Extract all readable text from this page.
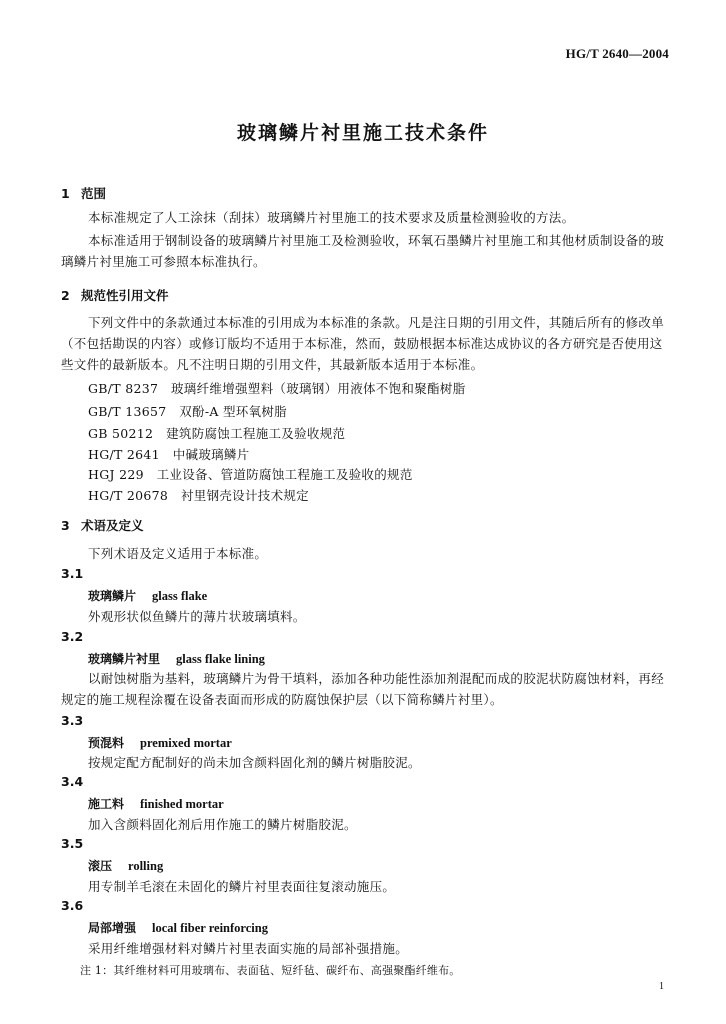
HG/T 2640—2004
玻璃鳞片衬里施工技术条件
1 范围
本标准规定了人工涂抹（刮抹）玻璃鳞片衬里施工的技术要求及质量检测验收的方法。
本标准适用于钢制设备的玻璃鳞片衬里施工及检测验收，环氧石墨鳞片衬里施工和其他材质制设备的玻璃鳞片衬里施工可参照本标准执行。
2 规范性引用文件
下列文件中的条款通过本标准的引用成为本标准的条款。凡是注日期的引用文件，其随后所有的修改单（不包括勘误的内容）或修订版均不适用于本标准，然而，鼓励根据本标准达成协议的各方研究是否使用这些文件的最新版本。凡不注明日期的引用文件，其最新版本适用于本标准。
GB/T 8237　玻璃纤维增强塑料（玻璃钢）用液体不饱和聚酯树脂
GB/T 13657　双酚-A 型环氧树脂
GB 50212　建筑防腐蚀工程施工及验收规范
HG/T 2641　中碱玻璃鳞片
HGJ 229　工业设备、管道防腐蚀工程施工及验收的规范
HG/T 20678　衬里钢壳设计技术规定
3 术语及定义
下列术语及定义适用于本标准。
3.1
玻璃鳞片 glass flake
外观形状似鱼鳞片的薄片状玻璃填料。
3.2
玻璃鳞片衬里 glass flake lining
以耐蚀树脂为基料，玻璃鳞片为骨干填料，添加各种功能性添加剂混配而成的胶泥状防腐蚀材料，再经规定的施工规程涂覆在设备表面而形成的防腐蚀保护层（以下简称鳞片衬里）。
3.3
预混料 premixed mortar
按规定配方配制好的尚未加含颜料固化剂的鳞片树脂胶泥。
3.4
施工料 finished mortar
加入含颜料固化剂后用作施工的鳞片树脂胶泥。
3.5
滚压 rolling
用专制羊毛滚在未固化的鳞片衬里表面往复滚动施压。
3.6
局部增强 local fiber reinforcing
采用纤维增强材料对鳞片衬里表面实施的局部补强措施。
注 1：其纤维材料可用玻璃布、表面毡、短纤毡、碳纤布、高强聚酯纤维布。
1
